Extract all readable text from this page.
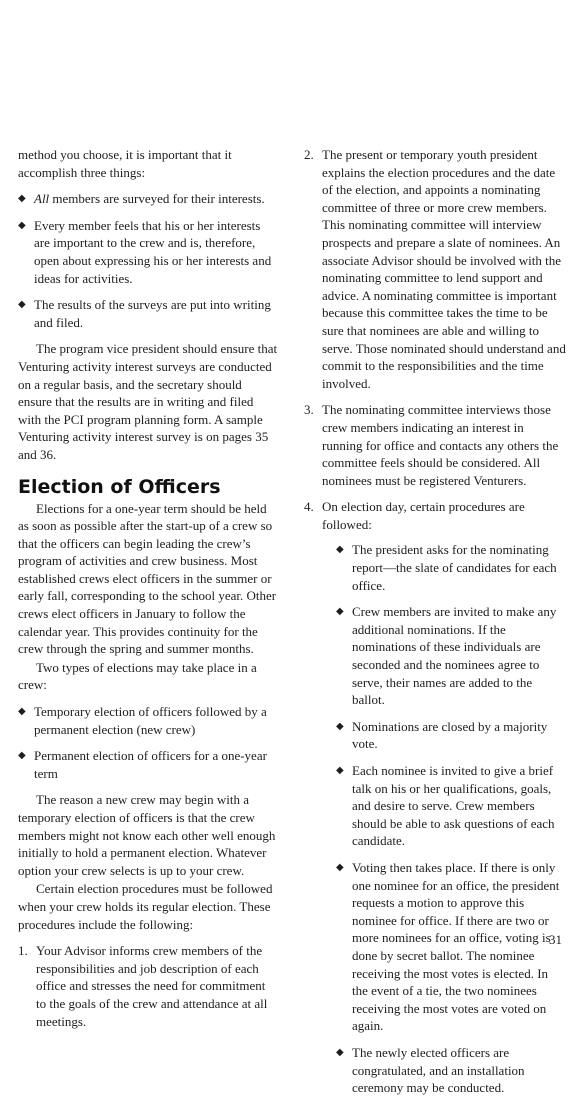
method you choose, it is important that it accomplish three things:

◆ All members are surveyed for their interests.
◆ Every member feels that his or her interests are important to the crew and is, therefore, open about expressing his or her interests and ideas for activities.
◆ The results of the surveys are put into writing and filed.

The program vice president should ensure that Venturing activity interest surveys are conducted on a regular basis, and the secretary should ensure that the results are in writing and filed with the PCI program planning form. A sample Venturing activity interest survey is on pages 35 and 36.

Election of Officers

Elections for a one-year term should be held as soon as possible after the start-up of a crew so that the officers can begin leading the crew’s program of activities and crew business. Most established crews elect officers in the summer or early fall, corresponding to the school year. Other crews elect officers in January to follow the calendar year. This provides continuity for the crew through the spring and summer months.

Two types of elections may take place in a crew:

◆ Temporary election of officers followed by a permanent election (new crew)
◆ Permanent election of officers for a one-year term

The reason a new crew may begin with a temporary election of officers is that the crew members might not know each other well enough initially to hold a permanent election. Whatever option your crew selects is up to your crew.

Certain election procedures must be followed when your crew holds its regular election. These procedures include the following:

1. Your Advisor informs crew members of the responsibilities and job description of each office and stresses the need for commitment to the goals of the crew and attendance at all meetings.
2. The present or temporary youth president explains the election procedures and the date of the election, and appoints a nominating committee of three or more crew members. This nominating committee will interview prospects and prepare a slate of nominees. An associate Advisor should be involved with the nominating committee to lend support and advice. A nominating committee is important because this committee takes the time to be sure that nominees are able and willing to serve. Those nominated should understand and commit to the responsibilities and the time involved.
3. The nominating committee interviews those crew members indicating an interest in running for office and contacts any others the committee feels should be considered. All nominees must be registered Venturers.
4. On election day, certain procedures are followed:
◆ The president asks for the nominating report—the slate of candidates for each office.
◆ Crew members are invited to make any additional nominations. If the nominations of these individuals are seconded and the nominees agree to serve, their names are added to the ballot.
◆ Nominations are closed by a majority vote.
◆ Each nominee is invited to give a brief talk on his or her qualifications, goals, and desire to serve. Crew members should be able to ask questions of each candidate.
◆ Voting then takes place. If there is only one nominee for an office, the president requests a motion to approve this nominee for office. If there are two or more nominees for an office, voting is done by secret ballot. The nominee receiving the most votes is elected. In the event of a tie, the two nominees receiving the most votes are voted on again.
◆ The newly elected officers are congratulated, and an installation ceremony may be conducted.
31
